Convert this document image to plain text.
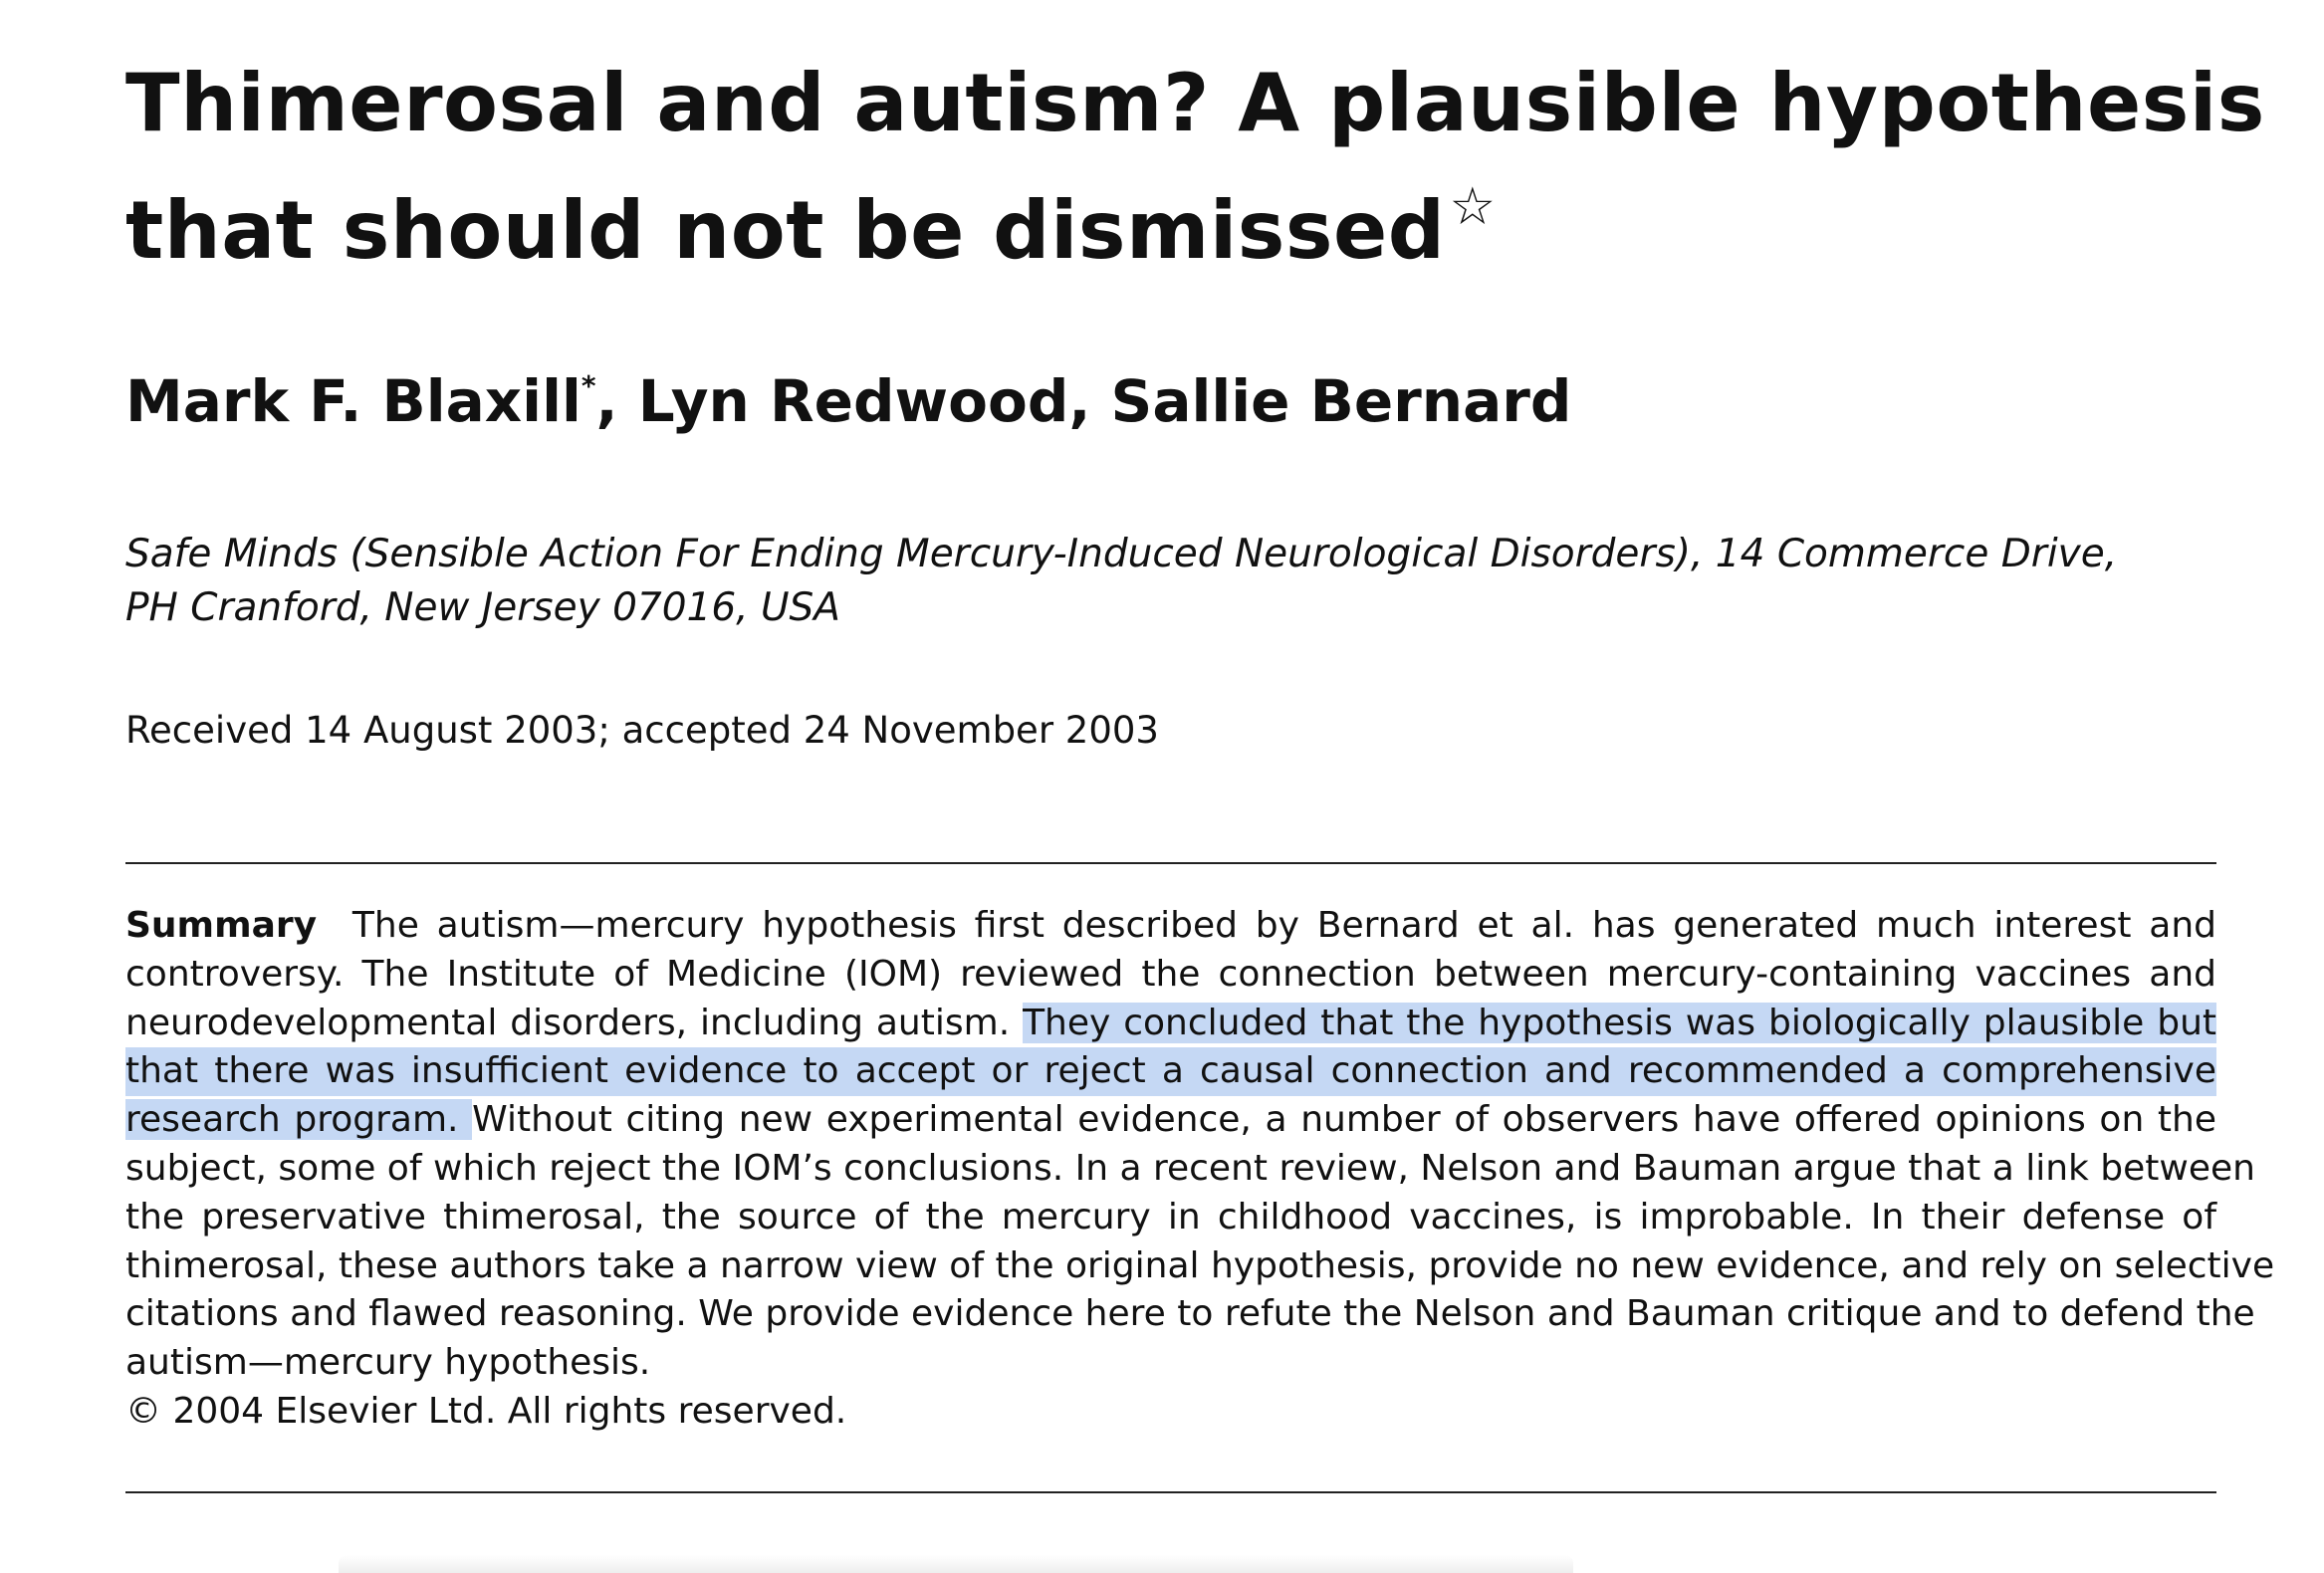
Thimerosal and autism? A plausible hypothesis
that should not be dismissed☆
Mark F. Blaxill*, Lyn Redwood, Sallie Bernard
Safe Minds (Sensible Action For Ending Mercury-Induced Neurological Disorders), 14 Commerce Drive,
PH Cranford, New Jersey 07016, USA
Received 14 August 2003; accepted 24 November 2003
Summary The autism—mercury hypothesis first described by Bernard et al. has generated much interest and
controversy. The Institute of Medicine (IOM) reviewed the connection between mercury-containing vaccines and
neurodevelopmental disorders, including autism. They concluded that the hypothesis was biologically plausible but
that there was insufficient evidence to accept or reject a causal connection and recommended a comprehensive
research program. Without citing new experimental evidence, a number of observers have offered opinions on the
subject, some of which reject the IOM’s conclusions. In a recent review, Nelson and Bauman argue that a link between
the preservative thimerosal, the source of the mercury in childhood vaccines, is improbable. In their defense of
thimerosal, these authors take a narrow view of the original hypothesis, provide no new evidence, and rely on selective
citations and flawed reasoning. We provide evidence here to refute the Nelson and Bauman critique and to defend the
autism—mercury hypothesis.
© 2004 Elsevier Ltd. All rights reserved.
